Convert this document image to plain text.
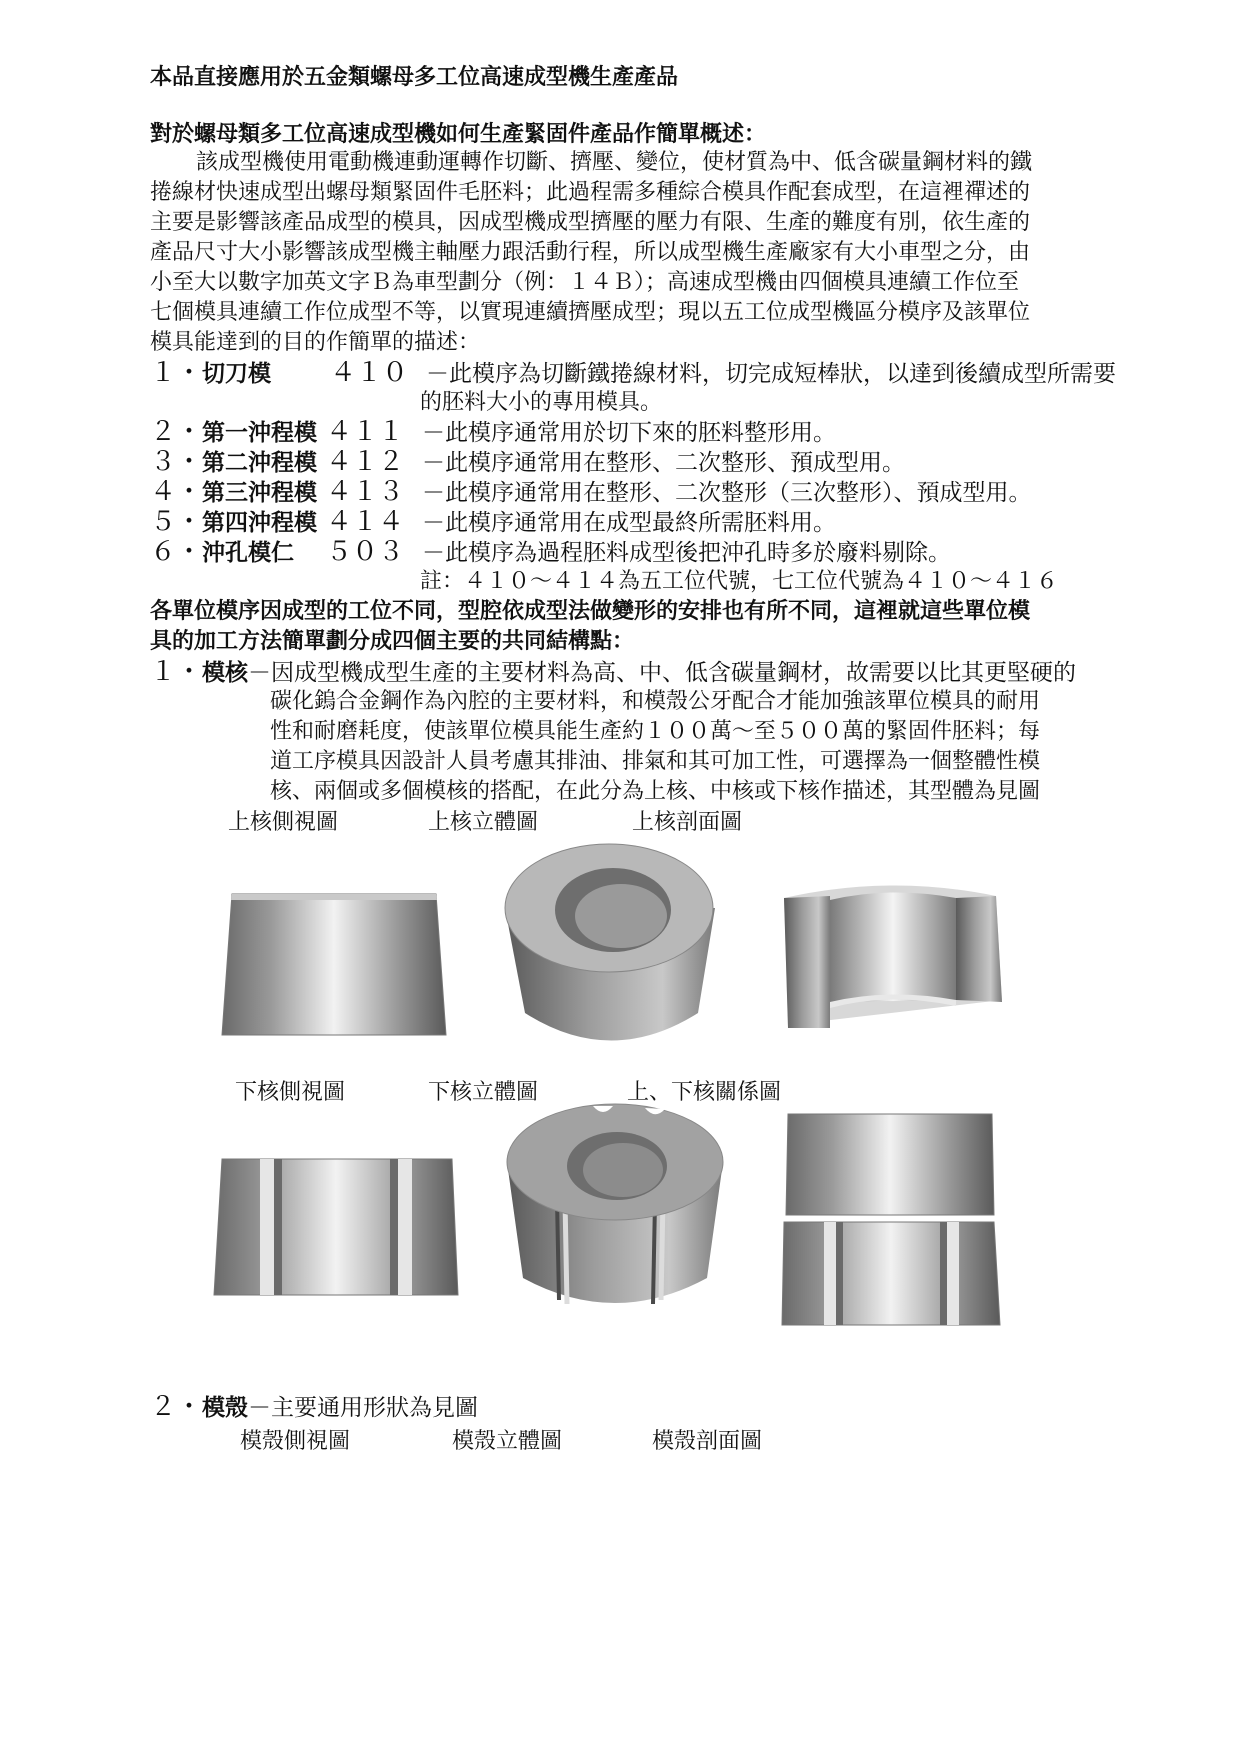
本品直接應用於五金類螺母多工位高速成型機生產產品
對於螺母類多工位高速成型機如何生產緊固件產品作簡單概述：
該成型機使用電動機連動運轉作切斷、擠壓、變位，使材質為中、低含碳量鋼材料的鐵
捲線材快速成型出螺母類緊固件毛胚料；此過程需多種綜合模具作配套成型，在這裡禪述的
主要是影響該產品成型的模具，因成型機成型擠壓的壓力有限、生產的難度有別，依生產的
產品尺寸大小影響該成型機主軸壓力跟活動行程，所以成型機生產廠家有大小車型之分，由
小至大以數字加英文字Ｂ為車型劃分（例：１４Ｂ）；高速成型機由四個模具連續工作位至
七個模具連續工作位成型不等，以實現連續擠壓成型；現以五工位成型機區分模序及該單位
模具能達到的目的作簡單的描述：
１・切刀模 ４１０ －此模序為切斷鐵捲線材料，切完成短棒狀，以達到後續成型所需要
的胚料大小的專用模具。
２・第一沖程模 ４１１ －此模序通常用於切下來的胚料整形用。
３・第二沖程模 ４１２ －此模序通常用在整形、二次整形、預成型用。
４・第三沖程模 ４１３ －此模序通常用在整形、二次整形（三次整形）、預成型用。
５・第四沖程模 ４１４ －此模序通常用在成型最終所需胚料用。
６・沖孔模仁 ５０３ －此模序為過程胚料成型後把沖孔時多於廢料剔除。
註：４１０～４１４為五工位代號，七工位代號為４１０～４１６
各單位模序因成型的工位不同，型腔依成型法做變形的安排也有所不同，這裡就這些單位模
具的加工方法簡單劃分成四個主要的共同結構點：
１・模核－因成型機成型生產的主要材料為高、中、低含碳量鋼材，故需要以比其更堅硬的
碳化鎢合金鋼作為內腔的主要材料，和模殼公牙配合才能加強該單位模具的耐用
性和耐磨耗度，使該單位模具能生產約１００萬～至５００萬的緊固件胚料；每
道工序模具因設計人員考慮其排油、排氣和其可加工性，可選擇為一個整體性模
核、兩個或多個模核的搭配，在此分為上核、中核或下核作描述，其型體為見圖
上核側視圖	上核立體圖	上核剖面圖
下核側視圖	下核立體圖	上、下核關係圖
２・模殼－主要通用形狀為見圖
模殼側視圖	模殼立體圖	模殼剖面圖
